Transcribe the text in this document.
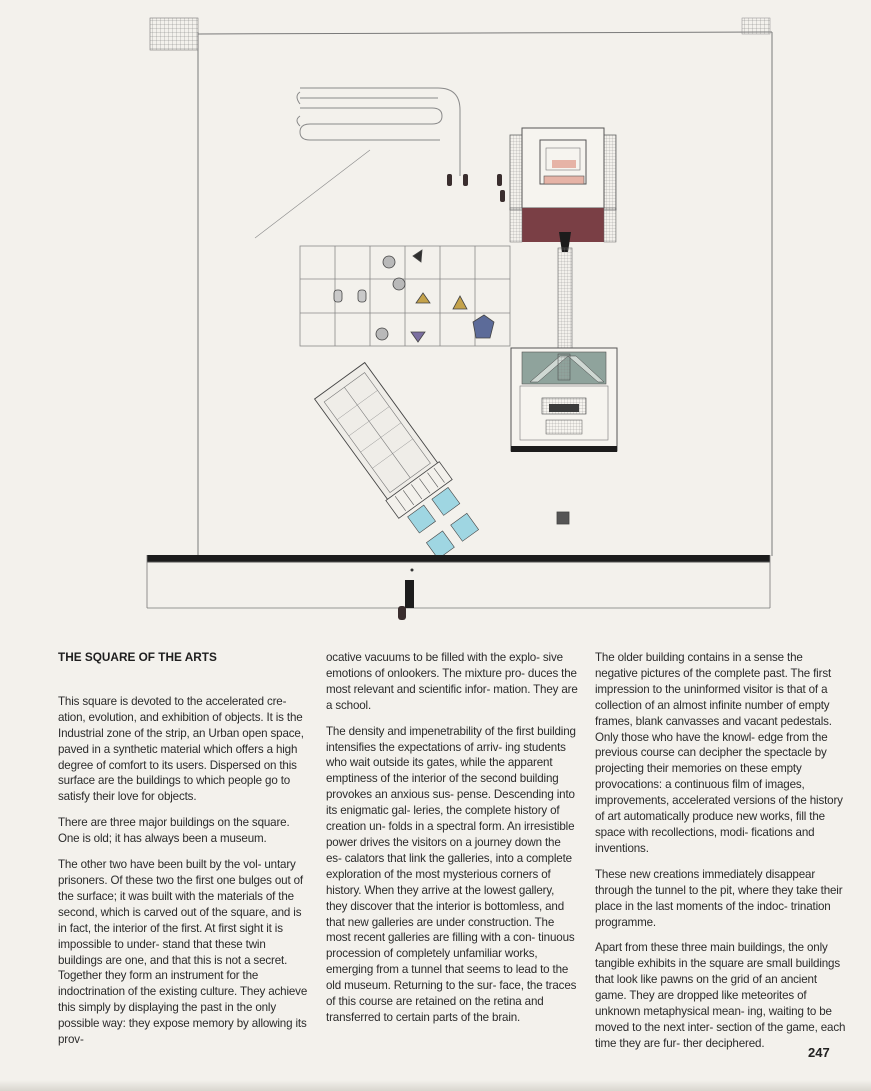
THE SQUARE OF THE ARTS

This square is devoted to the accelerated cre- ation, evolution, and exhibition of objects. It is the Industrial zone of the strip, an Urban open space, paved in a synthetic material which offers a high degree of comfort to its users. Dispersed on this surface are the buildings to which people go to satisfy their love for objects.

There are three major buildings on the square. One is old; it has always been a museum.

The other two have been built by the vol- untary prisoners. Of these two the first one bulges out of the surface; it was built with the materials of the second, which is carved out of the square, and is in fact, the interior of the first. At first sight it is impossible to under- stand that these twin buildings are one, and that this is not a secret. Together they form an instrument for the indoctrination of the existing culture. They achieve this simply by displaying the past in the only possible way: they expose memory by allowing its prov-

ocative vacuums to be filled with the explo- sive emotions of onlookers. The mixture pro- duces the most relevant and scientific infor- mation. They are a school.

The density and impenetrability of the first building intensifies the expectations of arriv- ing students who wait outside its gates, while the apparent emptiness of the interior of the second building provokes an anxious sus- pense. Descending into its enigmatic gal- leries, the complete history of creation un- folds in a spectral form. An irresistible power drives the visitors on a journey down the es- calators that link the galleries, into a complete exploration of the most mysterious corners of history. When they arrive at the lowest gallery, they discover that the interior is bottomless, and that new galleries are under construction. The most recent galleries are filling with a con- tinuous procession of completely unfamiliar works, emerging from a tunnel that seems to lead to the old museum. Returning to the sur- face, the traces of this course are retained on the retina and transferred to certain parts of the brain.

The older building contains in a sense the negative pictures of the complete past. The first impression to the uninformed visitor is that of a collection of an almost infinite number of empty frames, blank canvasses and vacant pedestals. Only those who have the knowl- edge from the previous course can decipher the spectacle by projecting their memories on these empty provocations: a continuous film of images, improvements, accelerated versions of the history of art automatically produce new works, fill the space with recollections, modi- fications and inventions.

These new creations immediately disappear through the tunnel to the pit, where they take their place in the last moments of the indoc- trination programme.

Apart from these three main buildings, the only tangible exhibits in the square are small buildings that look like pawns on the grid of an ancient game. They are dropped like meteorites of unknown metaphysical mean- ing, waiting to be moved to the next inter- section of the game, each time they are fur- ther deciphered.

247
